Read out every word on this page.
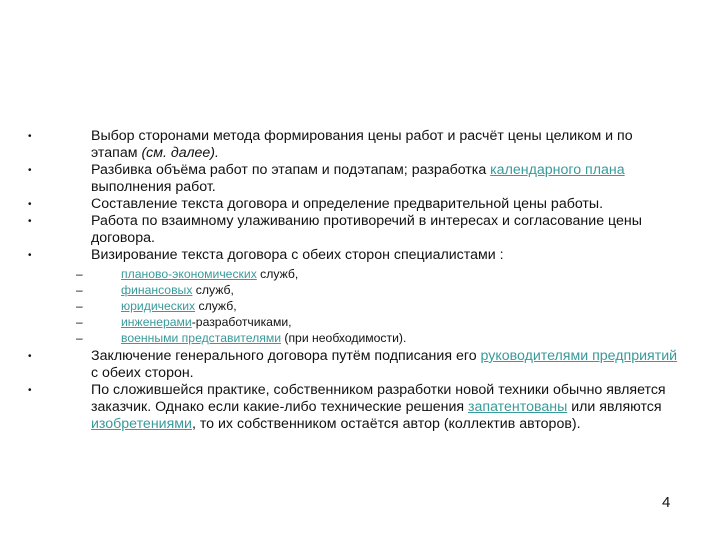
•	Выбор сторонами метода формирования цены работ и расчёт цены целиком и по этапам (см. далее).
•	Разбивка объёма работ по этапам и подэтапам; разработка календарного плана выполнения работ.
•	Составление текста договора и определение предварительной цены работы.
•	Работа по взаимному улаживанию противоречий в интересах и согласование цены договора.
•	Визирование текста договора с обеих сторон специалистами :
–	планово-экономических служб,
–	финансовых служб,
–	юридических служб,
–	инженерами-разработчиками,
–	военными представителями (при необходимости).
•	Заключение генерального договора путём подписания его руководителями предприятий с обеих сторон.
•	По сложившейся практике, собственником разработки новой техники обычно является заказчик. Однако если какие-либо технические решения запатентованы или являются изобретениями, то их собственником остаётся автор (коллектив авторов).
4
